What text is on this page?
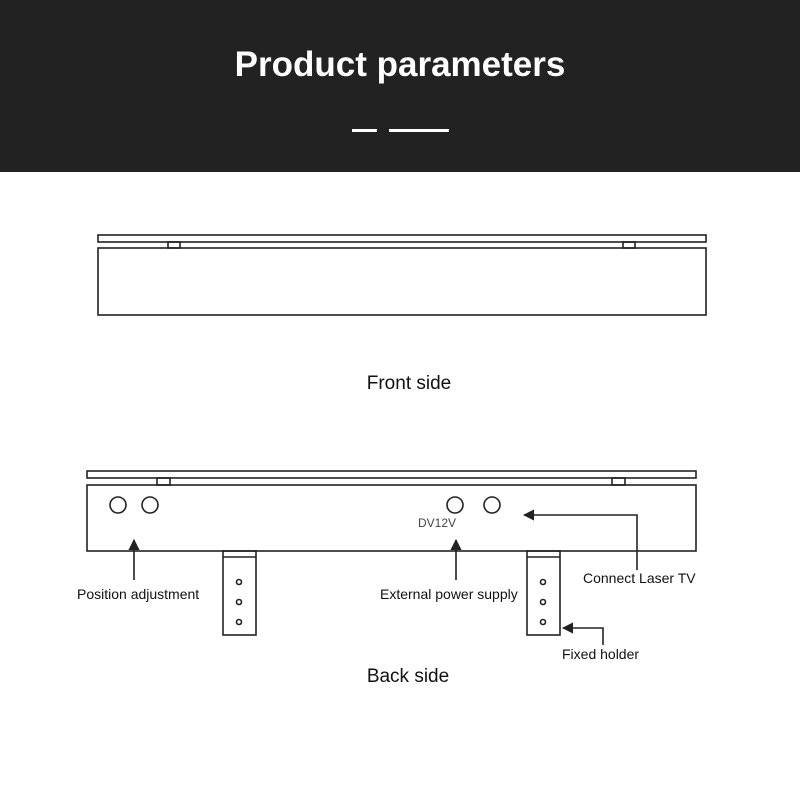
Product parameters
Front side
DV12V
Position adjustment	External power supply
Connect Laser TV
Fixed holder
Back side
